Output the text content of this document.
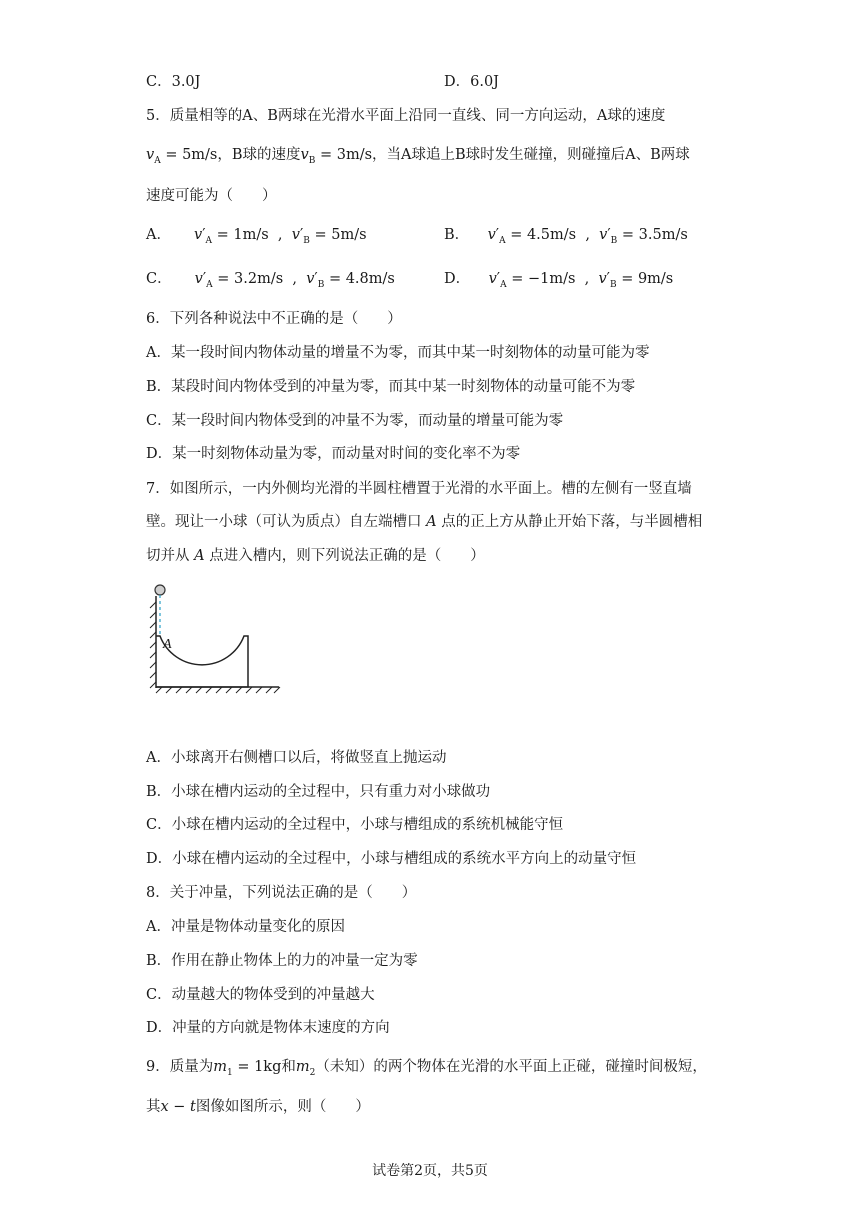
C．3.0J	D．6.0J
5．质量相等的A、B两球在光滑水平面上沿同一直线、同一方向运动，A球的速度
$v_A = 5m/s$，B球的速度$v_B = 3m/s$，当A球追上B球时发生碰撞，则碰撞后A、B两球
速度可能为（　　）
A． $v'_A = 1m/s$  ,  $v'_B = 5m/s$	B． $v'_A = 4.5m/s$  ,  $v'_B = 3.5m/s$
C． $v'_A = 3.2m/s$  ,  $v'_B = 4.8m/s$	D． $v'_A = -1m/s$  ,  $v'_B = 9m/s$
6．下列各种说法中不正确的是（　　）
A．某一段时间内物体动量的增量不为零，而其中某一时刻物体的动量可能为零
B．某段时间内物体受到的冲量为零，而其中某一时刻物体的动量可能不为零
C．某一段时间内物体受到的冲量不为零，而动量的增量可能为零
D．某一时刻物体动量为零，而动量对时间的变化率不为零
7．如图所示，一内外侧均光滑的半圆柱槽置于光滑的水平面上。槽的左侧有一竖直墙
壁。现让一小球（可认为质点）自左端槽口 A 点的正上方从静止开始下落，与半圆槽相
切并从 A 点进入槽内，则下列说法正确的是（　　）
A
A．小球离开右侧槽口以后，将做竖直上抛运动
B．小球在槽内运动的全过程中，只有重力对小球做功
C．小球在槽内运动的全过程中，小球与槽组成的系统机械能守恒
D．小球在槽内运动的全过程中，小球与槽组成的系统水平方向上的动量守恒
8．关于冲量，下列说法正确的是（　　）
A．冲量是物体动量变化的原因
B．作用在静止物体上的力的冲量一定为零
C．动量越大的物体受到的冲量越大
D．冲量的方向就是物体末速度的方向
9．质量为$m_1 = 1kg$和$m_2$（未知）的两个物体在光滑的水平面上正碰，碰撞时间极短，
其x − t图像如图所示，则（　　）
试卷第2页，共5页
